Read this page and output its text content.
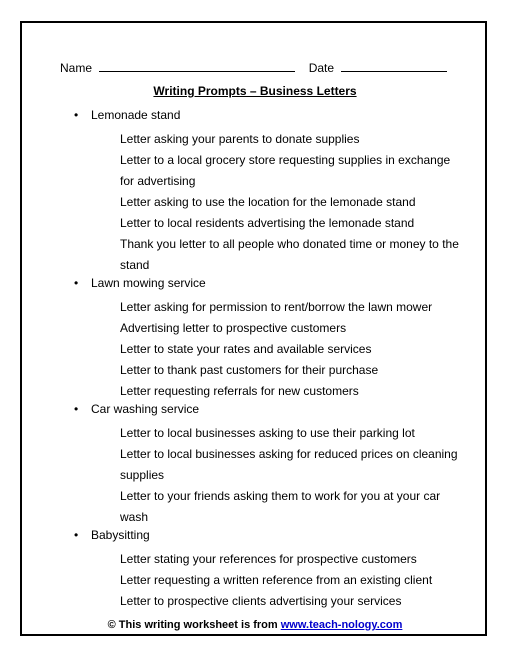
Name	Date
Writing Prompts – Business Letters
• Lemonade stand
Letter asking your parents to donate supplies
Letter to a local grocery store requesting supplies in exchange for advertising
Letter asking to use the location for the lemonade stand
Letter to local residents advertising the lemonade stand
Thank you letter to all people who donated time or money to the stand
• Lawn mowing service
Letter asking for permission to rent/borrow the lawn mower
Advertising letter to prospective customers
Letter to state your rates and available services
Letter to thank past customers for their purchase
Letter requesting referrals for new customers
• Car washing service
Letter to local businesses asking to use their parking lot
Letter to local businesses asking for reduced prices on cleaning supplies
Letter to your friends asking them to work for you at your car wash
• Babysitting
Letter stating your references for prospective customers
Letter requesting a written reference from an existing client
Letter to prospective clients advertising your services
© This writing worksheet is from www.teach-nology.com
